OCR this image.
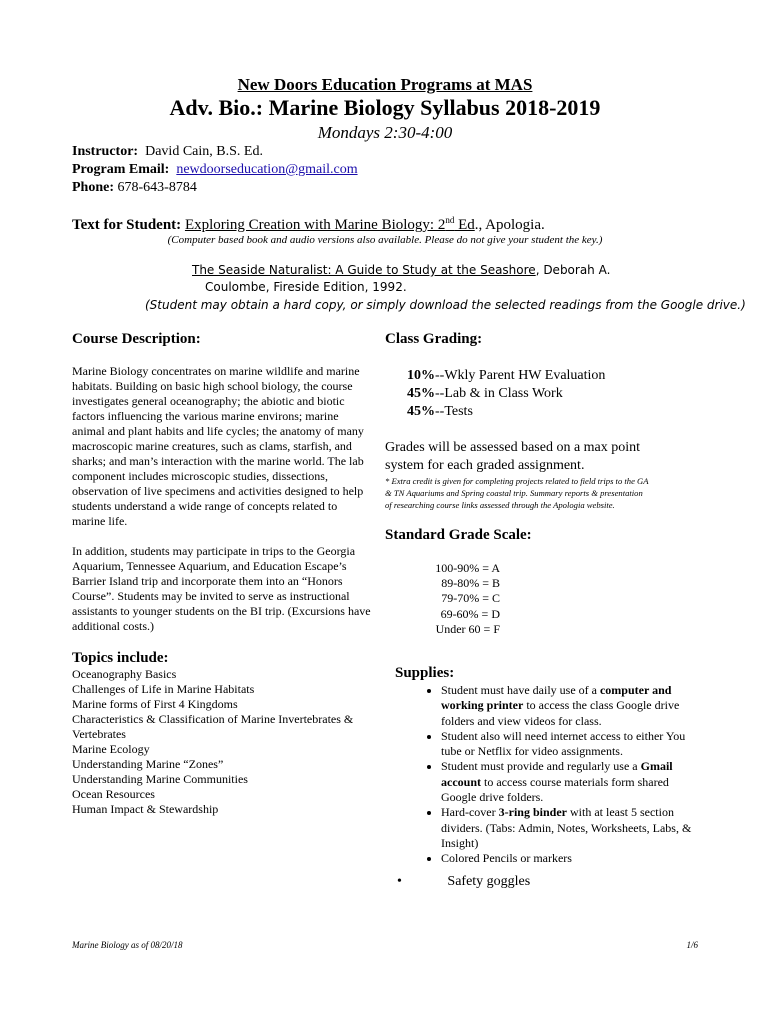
New Doors Education Programs at MAS
Adv. Bio.: Marine Biology Syllabus 2018-2019
Mondays 2:30-4:00
Instructor: David Cain, B.S. Ed.
Program Email: newdoorseducation@gmail.com
Phone: 678-643-8784
Text for Student: Exploring Creation with Marine Biology: 2nd Ed., Apologia.
(Computer based book and audio versions also available. Please do not give your student the key.)
The Seaside Naturalist: A Guide to Study at the Seashore, Deborah A.
Coulombe, Fireside Edition, 1992.
(Student may obtain a hard copy, or simply download the selected readings from the Google drive.)
Course Description:
Marine Biology concentrates on marine wildlife and marine
habitats. Building on basic high school biology, the course
investigates general oceanography; the abiotic and biotic
factors influencing the various marine environs; marine
animal and plant habits and life cycles; the anatomy of many
macroscopic marine creatures, such as clams, starfish, and
sharks; and man’s interaction with the marine world. The lab
component includes microscopic studies, dissections,
observation of live specimens and activities designed to help
students understand a wide range of concepts related to
marine life.
In addition, students may participate in trips to the Georgia
Aquarium, Tennessee Aquarium, and Education Escape’s
Barrier Island trip and incorporate them into an “Honors
Course”. Students may be invited to serve as instructional
assistants to younger students on the BI trip. (Excursions have
additional costs.)
Class Grading:
10%--Wkly Parent HW Evaluation
45%--Lab & in Class Work
45%--Tests
Grades will be assessed based on a max point
system for each graded assignment.
* Extra credit is given for completing projects related to field trips to the GA
& TN Aquariums and Spring coastal trip. Summary reports & presentation
of researching course links assessed through the Apologia website.
Standard Grade Scale:
100-90% = A
89-80% = B
79-70% = C
69-60% = D
Under 60 = F
Topics include:
Oceanography Basics
Challenges of Life in Marine Habitats
Marine forms of First 4 Kingdoms
Characteristics & Classification of Marine Invertebrates &
Vertebrates
Marine Ecology
Understanding Marine “Zones”
Understanding Marine Communities
Ocean Resources
Human Impact & Stewardship
Supplies:
• Student must have daily use of a computer and working printer to access the class Google drive folders and view videos for class.
• Student also will need internet access to either You tube or Netflix for video assignments.
• Student must provide and regularly use a Gmail account to access course materials form shared Google drive folders.
• Hard-cover 3-ring binder with at least 5 section dividers. (Tabs: Admin, Notes, Worksheets, Labs, & Insight)
• Colored Pencils or markers
•	Safety goggles
Marine Biology as of 08/20/18	1/6
